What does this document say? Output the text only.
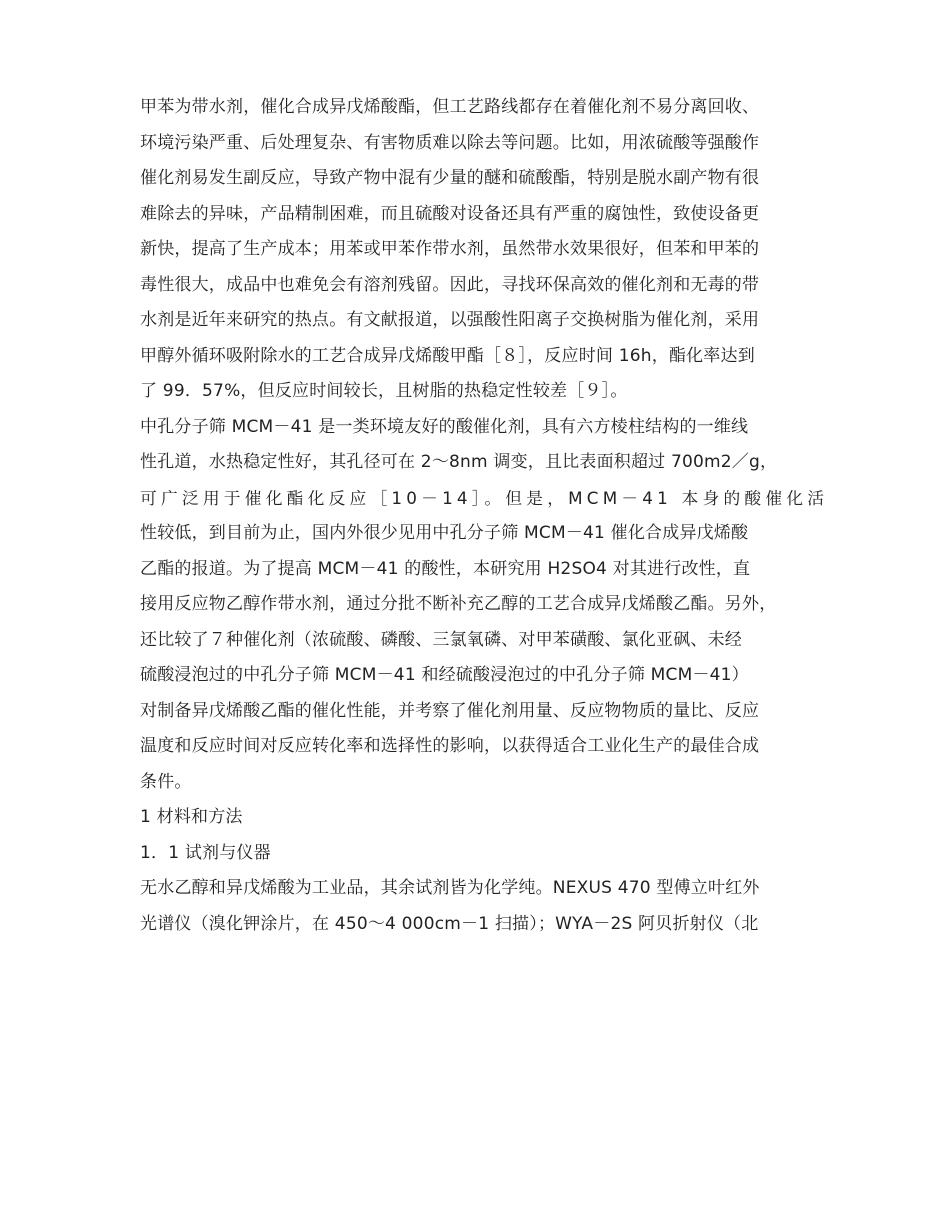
甲苯为带水剂，催化合成异戊烯酸酯，但工艺路线都存在着催化剂不易分离回收、
环境污染严重、后处理复杂、有害物质难以除去等问题。比如，用浓硫酸等强酸作
催化剂易发生副反应，导致产物中混有少量的醚和硫酸酯，特别是脱水副产物有很
难除去的异味，产品精制困难，而且硫酸对设备还具有严重的腐蚀性，致使设备更
新快，提高了生产成本；用苯或甲苯作带水剂，虽然带水效果很好，但苯和甲苯的
毒性很大，成品中也难免会有溶剂残留。因此，寻找环保高效的催化剂和无毒的带
水剂是近年来研究的热点。有文献报道，以强酸性阳离子交换树脂为催化剂，采用
甲醇外循环吸附除水的工艺合成异戊烯酸甲酯［８］，反应时间 16h，酯化率达到
了 99．57%，但反应时间较长，且树脂的热稳定性较差［９］。
中孔分子筛 MCM－41 是一类环境友好的酸催化剂，具有六方棱柱结构的一维线
性孔道，水热稳定性好，其孔径可在 2～8nm 调变，且比表面积超过 700m2／g，
可广泛用于催化酯化反应［10－14］。但是，MCM－41 本身的酸催化活
性较低，到目前为止，国内外很少见用中孔分子筛 MCM－41 催化合成异戊烯酸
乙酯的报道。为了提高 MCM－41 的酸性，本研究用 H2SO4 对其进行改性，直
接用反应物乙醇作带水剂，通过分批不断补充乙醇的工艺合成异戊烯酸乙酯。另外，
还比较了７种催化剂（浓硫酸、磷酸、三氯氧磷、对甲苯磺酸、氯化亚砜、未经
硫酸浸泡过的中孔分子筛 MCM－41 和经硫酸浸泡过的中孔分子筛 MCM－41）
对制备异戊烯酸乙酯的催化性能，并考察了催化剂用量、反应物物质的量比、反应
温度和反应时间对反应转化率和选择性的影响，以获得适合工业化生产的最佳合成
条件。
1 材料和方法
1．1 试剂与仪器
无水乙醇和异戊烯酸为工业品，其余试剂皆为化学纯。NEXUS 470 型傅立叶红外
光谱仪（溴化钾涂片，在 450～4 000cm－1 扫描）；WYA－2S 阿贝折射仪（北
